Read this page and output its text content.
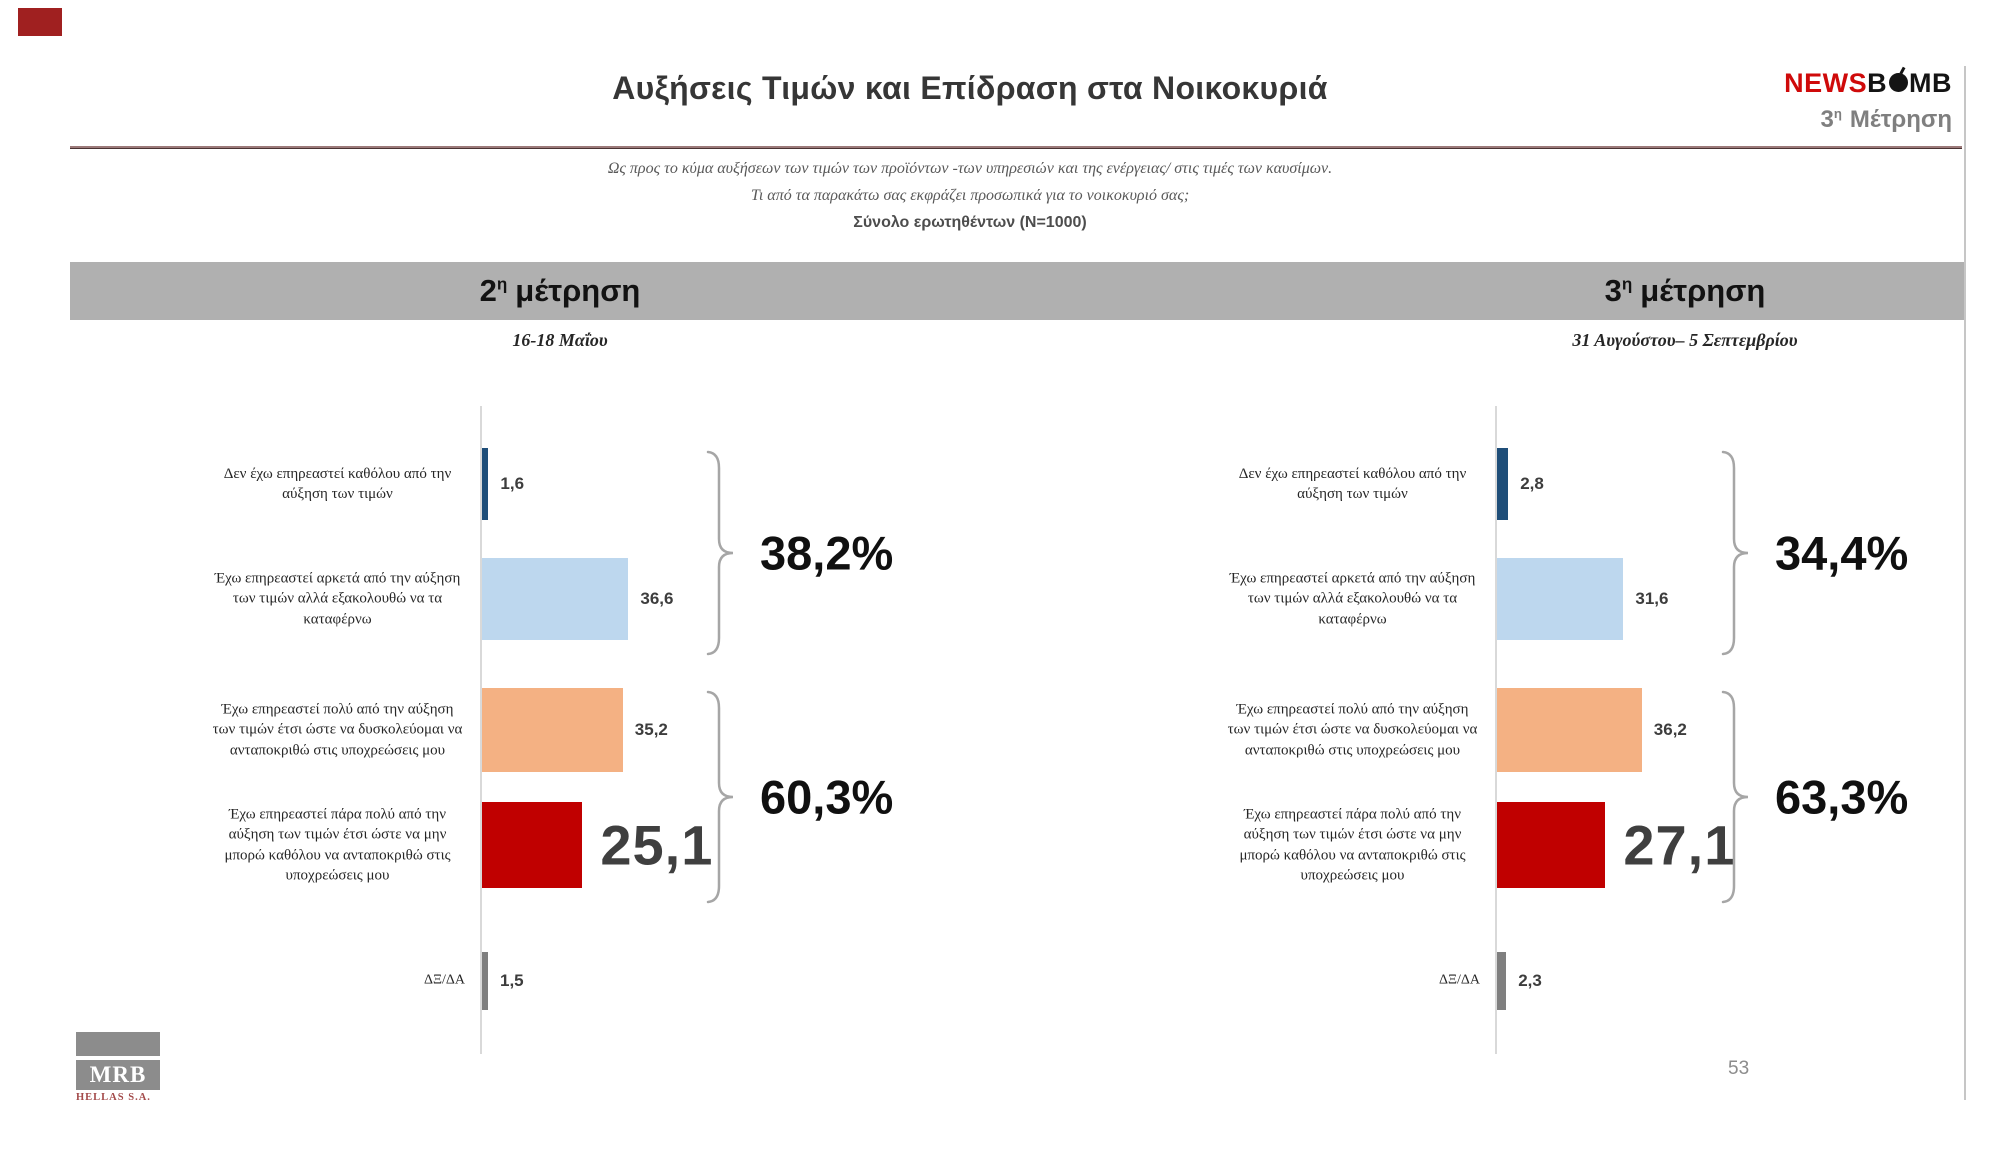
Αυξήσεις Τιμών και Επίδραση στα Νοικοκυριά	NEWSB MB
$3^\eta$ Μέτρηση
Ως προς το κύμα αυξήσεων των τιμών των προϊόντων -των υπηρεσιών και της ενέργειας/ στις τιμές των καυσίμων.
Τι από τα παρακάτω σας εκφράζει προσωπικά για το νοικοκυριό σας;
Σύνολο ερωτηθέντων (Ν=1000)
$2^\eta$ μέτρηση	$3^\eta$ μέτρηση
16-18 Μαΐου	31 Αυγούστου– 5 Σεπτεμβρίου
Δεν έχω επηρεαστεί καθόλου από την αύξηση των τιμών
1,6
Έχω επηρεαστεί αρκετά από την αύξηση των τιμών αλλά εξακολουθώ να τα καταφέρνω
36,6
Έχω επηρεαστεί πολύ από την αύξηση των τιμών έτσι ώστε να δυσκολεύομαι να ανταποκριθώ στις υποχρεώσεις μου
35,2
Έχω επηρεαστεί πάρα πολύ από την αύξηση των τιμών έτσι ώστε να μην μπορώ καθόλου να ανταποκριθώ στις υποχρεώσεις μου	25,1
ΔΞ/ΔΑ 1,5
38,2%
60,3%
Δεν έχω επηρεαστεί καθόλου από την αύξηση των τιμών
2,8
Έχω επηρεαστεί αρκετά από την αύξηση των τιμών αλλά εξακολουθώ να τα καταφέρνω
31,6
Έχω επηρεαστεί πολύ από την αύξηση των τιμών έτσι ώστε να δυσκολεύομαι να ανταποκριθώ στις υποχρεώσεις μου
36,2
Έχω επηρεαστεί πάρα πολύ από την αύξηση των τιμών έτσι ώστε να μην μπορώ καθόλου να ανταποκριθώ στις υποχρεώσεις μου	27,1
ΔΞ/ΔΑ 2,3
34,4%
63,3%
MRB
HELLAS S.A.
53
